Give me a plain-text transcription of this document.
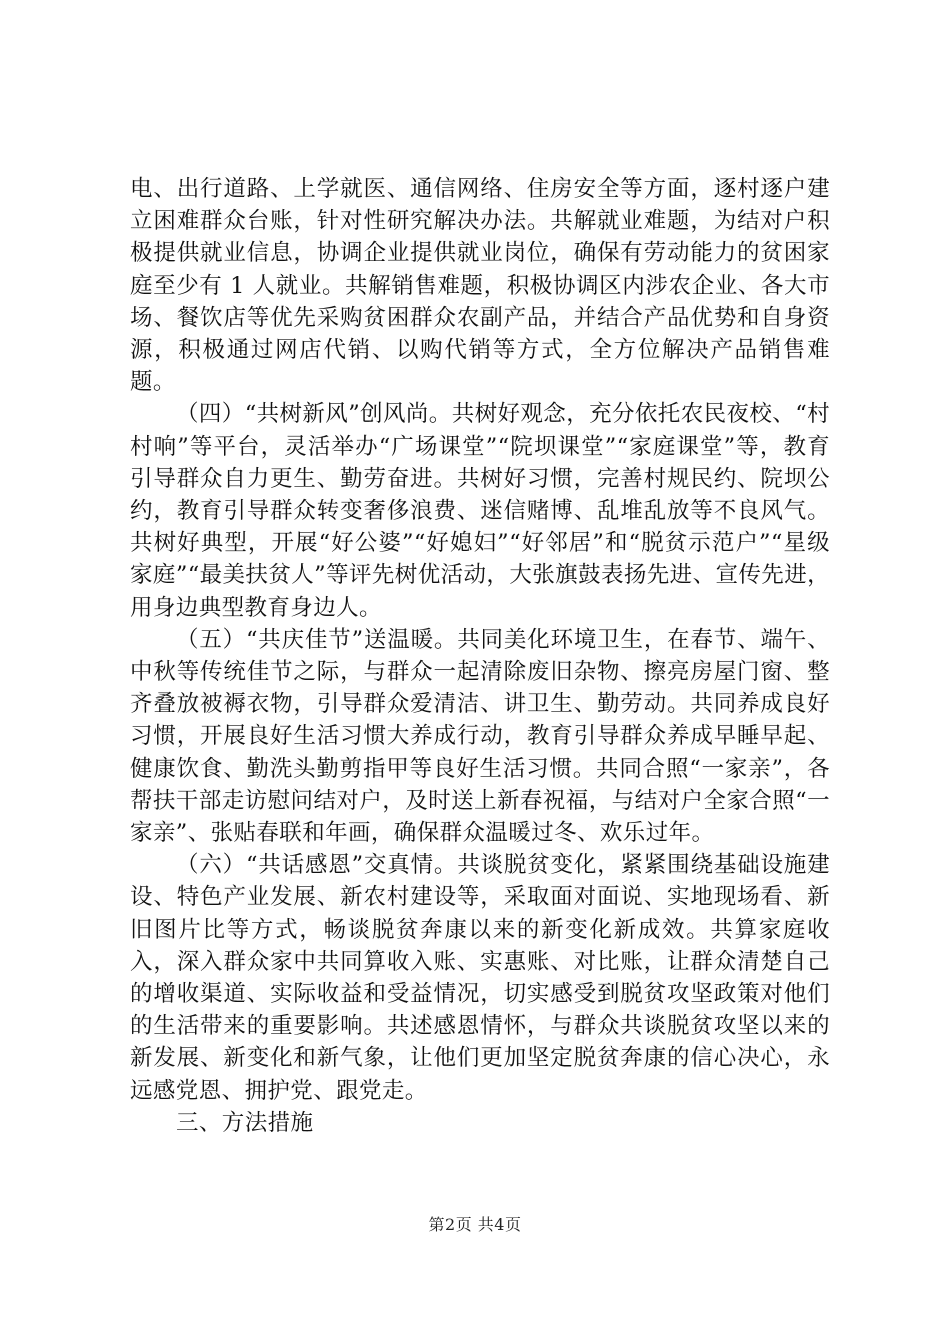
电、出行道路、上学就医、通信网络、住房安全等方面，逐村逐户建立困难群众台账，针对性研究解决办法。共解就业难题，为结对户积极提供就业信息，协调企业提供就业岗位，确保有劳动能力的贫困家庭至少有 1 人就业。共解销售难题，积极协调区内涉农企业、各大市场、餐饮店等优先采购贫困群众农副产品，并结合产品优势和自身资源，积极通过网店代销、以购代销等方式，全方位解决产品销售难题。

（四）“共树新风”创风尚。共树好观念，充分依托农民夜校、“村村响”等平台，灵活举办“广场课堂”“院坝课堂”“家庭课堂”等，教育引导群众自力更生、勤劳奋进。共树好习惯，完善村规民约、院坝公约，教育引导群众转变奢侈浪费、迷信赌博、乱堆乱放等不良风气。共树好典型，开展“好公婆”“好媳妇”“好邻居”和“脱贫示范户”“星级家庭”“最美扶贫人”等评先树优活动，大张旗鼓表扬先进、宣传先进，用身边典型教育身边人。

（五）“共庆佳节”送温暖。共同美化环境卫生，在春节、端午、中秋等传统佳节之际，与群众一起清除废旧杂物、擦亮房屋门窗、整齐叠放被褥衣物，引导群众爱清洁、讲卫生、勤劳动。共同养成良好习惯，开展良好生活习惯大养成行动，教育引导群众养成早睡早起、健康饮食、勤洗头勤剪指甲等良好生活习惯。共同合照“一家亲”，各帮扶干部走访慰问结对户，及时送上新春祝福，与结对户全家合照“一家亲”、张贴春联和年画，确保群众温暖过冬、欢乐过年。

（六）“共话感恩”交真情。共谈脱贫变化，紧紧围绕基础设施建设、特色产业发展、新农村建设等，采取面对面说、实地现场看、新旧图片比等方式，畅谈脱贫奔康以来的新变化新成效。共算家庭收入，深入群众家中共同算收入账、实惠账、对比账，让群众清楚自己的增收渠道、实际收益和受益情况，切实感受到脱贫攻坚政策对他们的生活带来的重要影响。共述感恩情怀，与群众共谈脱贫攻坚以来的新发展、新变化和新气象，让他们更加坚定脱贫奔康的信心决心，永远感党恩、拥护党、跟党走。

三、方法措施

第2页 共4页
